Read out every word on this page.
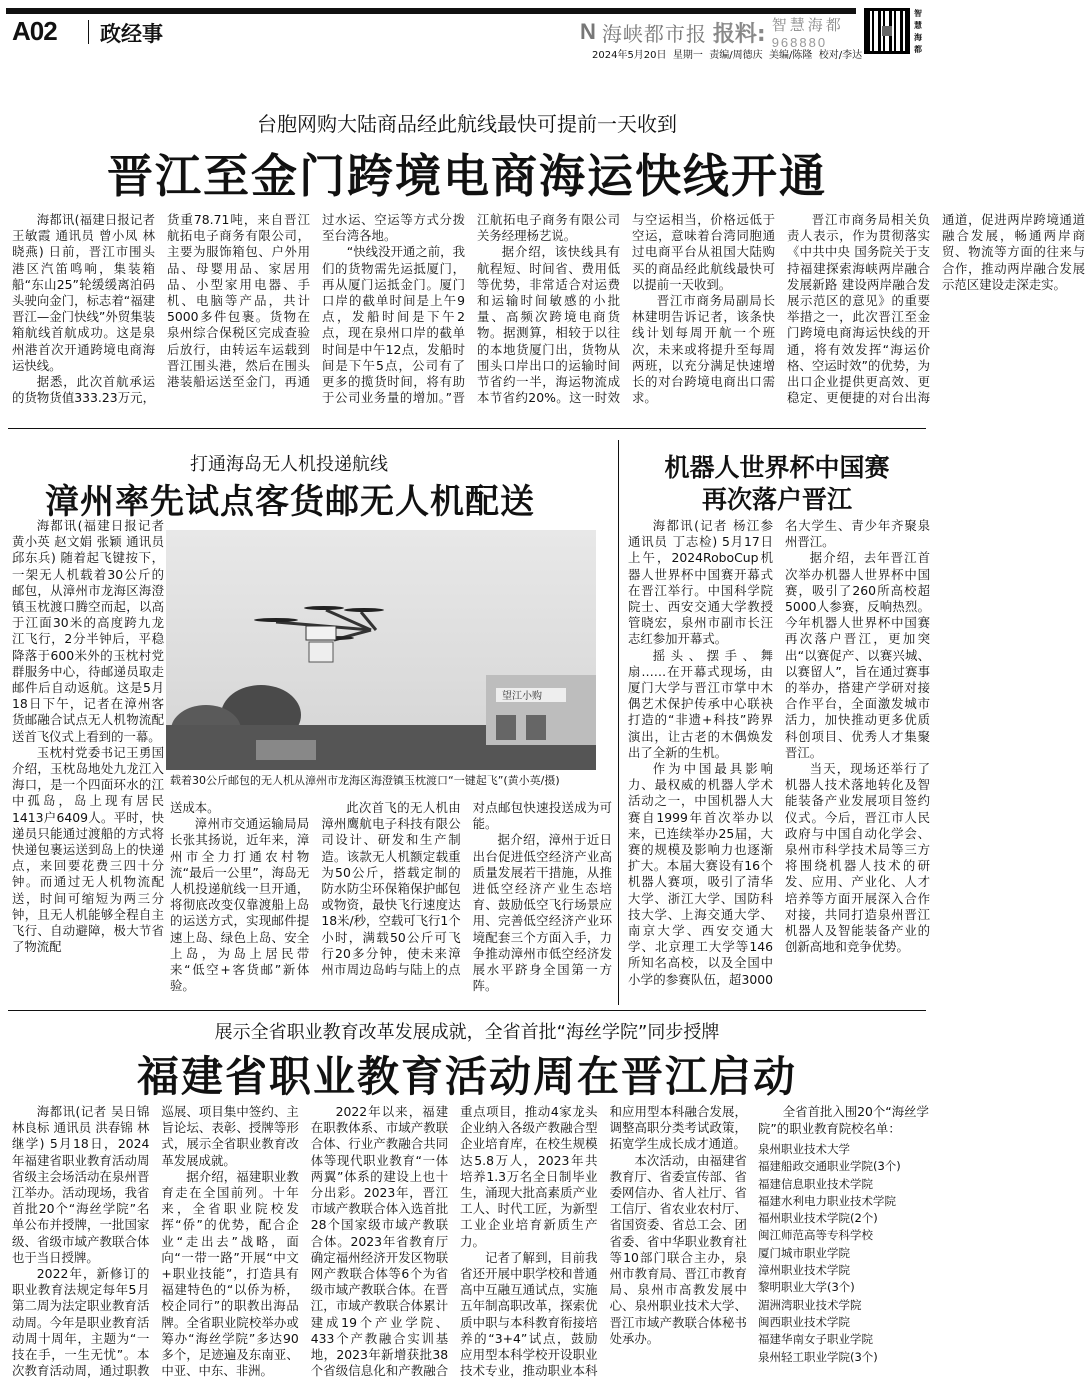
A02 政经事	N 海峡都市报 报料: 智慧海都
968880
2024年5月20日 星期一 责编/周德庆 美编/陈隆 校对/李达
智慧海都
台胞网购大陆商品经此航线最快可提前一天收到
晋江至金门跨境电商海运快线开通

海都讯(福建日报记者 王敏霞 通讯员 曾小凤 林晓燕) 日前，晋江市围头港区汽笛鸣响，集装箱船“东山25”轮缓缓离泊码头驶向金门，标志着“福建晋江—金门快线”外贸集装箱航线首航成功。这是泉州港首次开通跨境电商海运快线。

据悉，此次首航承运的货物货值333.23万元，货重78.71吨，来自晋江航拓电子商务有限公司，主要为服饰箱包、户外用品、母婴用品、家居用品、小型家用电器、手机、电脑等产品，共计5000多件包裹。货物在泉州综合保税区完成查验后放行，由转运车运载到晋江围头港，然后在围头港装船运送至金门，再通过水运、空运等方式分拨至台湾各地。

“快线没开通之前，我们的货物需先运抵厦门，再从厦门运抵金门。厦门口岸的截单时间是上午9点，发船时间是下午2点，现在泉州口岸的截单时间是中午12点，发船时间是下午5点，公司有了更多的揽货时间，将有助于公司业务量的增加。”晋江航拓电子商务有限公司关务经理杨艺说。

据介绍，该快线具有航程短、时间省、费用低等优势，非常适合对运费和运输时间敏感的小批量、高频次跨境电商货物。据测算，相较于以往的本地货厦门出，货物从围头口岸出口的运输时间节省约一半，海运物流成本节省约20%。这一时效与空运相当，价格远低于空运，意味着台湾同胞通过电商平台从祖国大陆购买的商品经此航线最快可以提前一天收到。

晋江市商务局副局长林建明告诉记者，该条快线计划每周开航一个班次，未来或将提升至每周两班，以充分满足快速增长的对台跨境电商出口需求。

晋江市商务局相关负责人表示，作为贯彻落实《中共中央 国务院关于支持福建探索海峡两岸融合发展新路 建设两岸融合发展示范区的意见》的重要举措之一，此次晋江至金门跨境电商海运快线的开通，将有效发挥“海运价格、空运时效”的优势，为出口企业提供更高效、更稳定、更便捷的对台出海通道，促进两岸跨境通道融合发展，畅通两岸商贸、物流等方面的往来与合作，推动两岸融合发展示范区建设走深走实。

打通海岛无人机投递航线
漳州率先试点客货邮无人机配送

海都讯(福建日报记者 黄小英 赵文娟 张颖 通讯员 邱东兵) 随着起飞键按下，一架无人机载着30公斤的邮包，从漳州市龙海区海澄镇玉枕渡口腾空而起，以高于江面30米的高度跨九龙江飞行，2分半钟后，平稳降落于600米外的玉枕村党群服务中心，待邮递员取走邮件后自动返航。这是5月18日下午，记者在漳州客货邮融合试点无人机物流配送首飞仪式上看到的一幕。

玉枕村党委书记王勇国介绍，玉枕岛地处九龙江入海口，是一个四面环水的江中孤岛，岛上现有居民1413户6409人。平时，快递员只能通过渡船的方式将快递包裹运送到岛上的快递点，来回要花费三四十分钟。而通过无人机物流配送，时间可缩短为两三分钟，且无人机能够全程自主飞行、自动避障，极大节省了物流配

望江小购
载着30公斤邮包的无人机从漳州市龙海区海澄镇玉枕渡口“一键起飞”(黄小英/摄)

送成本。

漳州市交通运输局局长张其扬说，近年来，漳州市全力打通农村物流“最后一公里”，海岛无人机投递航线一旦开通，将彻底改变仅靠渡船上岛的运送方式，实现邮件提速上岛、绿色上岛、安全上岛，为岛上居民带来“低空+客货邮”新体验。

此次首飞的无人机由漳州鹰航电子科技有限公司设计、研发和生产制造。该款无人机额定载重为50公斤，搭载定制的防水防尘环保箱保护邮包或物资，最快飞行速度达18米/秒，空载可飞行1个小时，满载50公斤可飞行20多分钟，使未来漳州市周边岛屿与陆上的点对点邮包快速投送成为可能。

据介绍，漳州于近日出台促进低空经济产业高质量发展若干措施，从推进低空经济产业生态培育、鼓励低空飞行场景应用、完善低空经济产业环境配套三个方面入手，力争推动漳州市低空经济发展水平跻身全国第一方阵。

机器人世界杯中国赛
再次落户晋江

海都讯(记者 杨江参 通讯员 丁志检) 5月17日上午，2024RoboCup机器人世界杯中国赛开幕式在晋江举行。中国科学院院士、西安交通大学教授管晓宏，泉州市副市长汪志红参加开幕式。

摇头、摆手、舞扇……在开幕式现场，由厦门大学与晋江市掌中木偶艺术保护传承中心联袂打造的“非遗+科技”跨界演出，让古老的木偶焕发出了全新的生机。

作为中国最具影响力、最权威的机器人学术活动之一，中国机器人大赛自1999年首次举办以来，已连续举办25届，大赛的规模及影响力也逐渐扩大。本届大赛设有16个机器人赛项，吸引了清华大学、浙江大学、国防科技大学、上海交通大学、南京大学、西安交通大学、北京理工大学等146所知名高校，以及全国中小学的参赛队伍，超3000名大学生、青少年齐聚泉州晋江。

据介绍，去年晋江首次举办机器人世界杯中国赛，吸引了260所高校超5000人参赛，反响热烈。今年机器人世界杯中国赛再次落户晋江，更加突出“以赛促产、以赛兴城、以赛留人”，旨在通过赛事的举办，搭建产学研对接合作平台，全面激发城市活力，加快推动更多优质科创项目、优秀人才集聚晋江。

当天，现场还举行了机器人技术落地转化及智能装备产业发展项目签约仪式。今后，晋江市人民政府与中国自动化学会、泉州市科学技术局等三方将围绕机器人技术的研发、应用、产业化、人才培养等方面开展深入合作对接，共同打造泉州晋江机器人及智能装备产业的创新高地和竞争优势。

展示全省职业教育改革发展成就，全省首批“海丝学院”同步授牌
福建省职业教育活动周在晋江启动

海都讯(记者 吴日锦 林良标 通讯员 洪春锦 林继学) 5月18日，2024年福建省职业教育活动周省级主会场活动在泉州晋江举办。活动现场，我省首批20个“海丝学院”名单公布并授牌，一批国家级、省级市域产教联合体也于当日授牌。

2022年，新修订的职业教育法规定每年5月第二周为法定职业教育活动周。今年是职业教育活动周十周年，主题为“一技在手，一生无忧”。本次教育活动周，通过职教巡展、项目集中签约、主旨论坛、表彰、授牌等形式，展示全省职业教育改革发展成就。

据介绍，福建职业教育走在全国前列。十年来，全省职业院校发挥“侨”的优势，配合企业“走出去”战略，面向“一带一路”开展“中文+职业技能”，打造具有福建特色的“以侨为桥，校企同行”的职教出海品牌。全省职业院校举办或筹办“海丝学院”多达90多个，足迹遍及东南亚、中亚、中东、非洲。

2022年以来，福建在职教体系、市域产教联合体、行业产教融合共同体等现代职业教育“一体两翼”体系的建设上也十分出彩。2023年，晋江市域产教联合体入选首批28个国家级市域产教联合体。2023年省教育厅确定福州经济开发区物联网产教联合体等6个为省级市域产教联合体。在晋江，市域产教联合体累计建成19个产业学院、433个产教融合实训基地，2023年新增获批38个省级信息化和产教融合重点项目，推动4家龙头企业纳入各级产教融合型企业培育库，在校生规模达5.8万人，2023年共培养1.3万名全日制毕业生，涌现大批高素质产业工人、时代工匠，为新型工业企业培育新质生产力。

记者了解到，目前我省还开展中职学校和普通高中互融互通试点，实施五年制高职改革，探索优质中职与本科教育衔接培养的“3+4”试点，鼓励应用型本科学校开设职业技术专业，推动职业本科和应用型本科融合发展，调整高职分类考试政策，拓宽学生成长成才通道。

本次活动，由福建省教育厅、省委宣传部、省委网信办、省人社厅、省工信厅、省农业农村厅、省国资委、省总工会、团省委、省中华职业教育社等10部门联合主办，泉州市教育局、晋江市教育局、泉州市高教发展中心、泉州职业技术大学、晋江市域产教联合体秘书处承办。

全省首批入围20个“海丝学院”的职业教育院校名单：
泉州职业技术大学
福建船政交通职业学院(3个)
福建信息职业技术学院
福建水利电力职业技术学院
福州职业技术学院(2个)
闽江师范高等专科学校
厦门城市职业学院
漳州职业技术学院
黎明职业大学(3个)
湄洲湾职业技术学院
闽西职业技术学院
福建华南女子职业学院
泉州轻工职业学院(3个)
